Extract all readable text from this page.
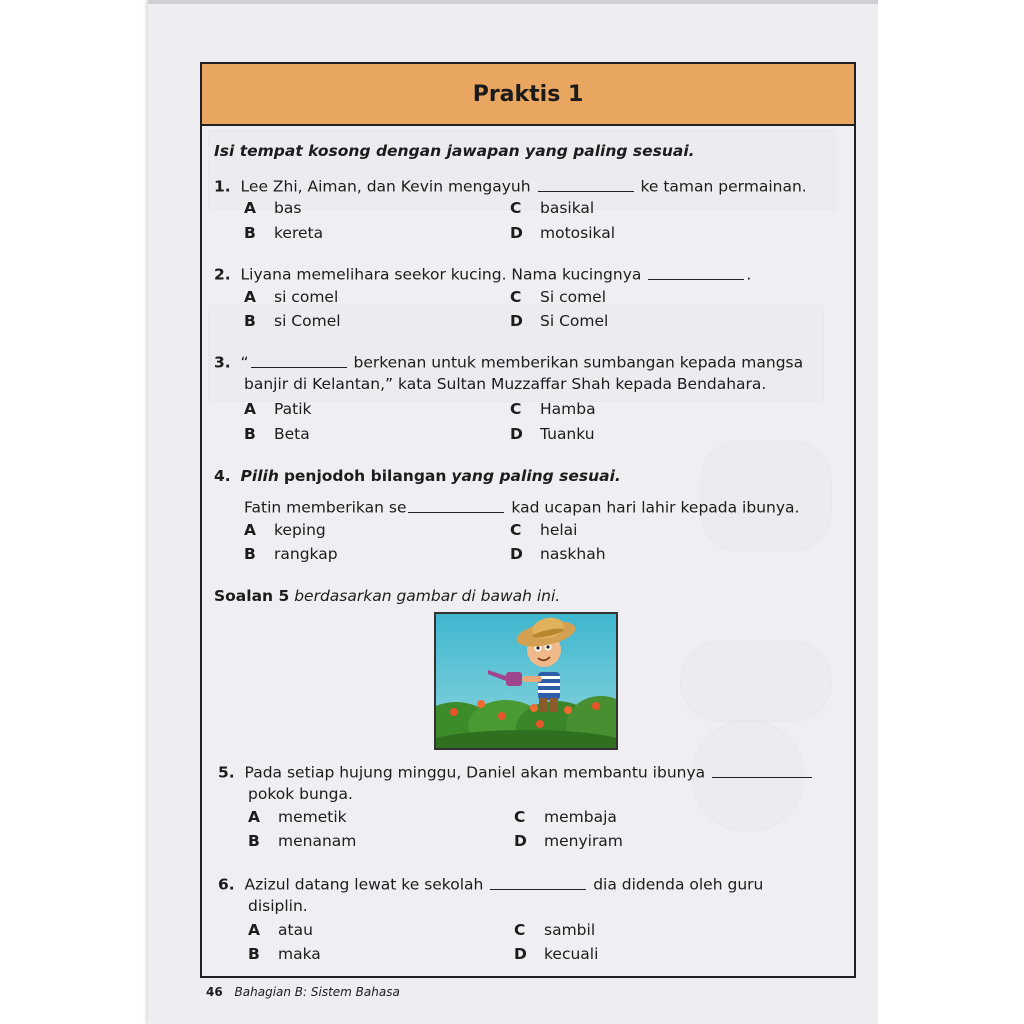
Praktis 1
Isi tempat kosong dengan jawapan yang paling sesuai.
1. Lee Zhi, Aiman, dan Kevin mengayuh	ke taman permainan.
A bas	C basikal
B kereta	D motosikal
2. Liyana memelihara seekor kucing. Nama kucingnya	.
A si comel	C Si comel
B si Comel	D Si Comel
3. “	berkenan untuk memberikan sumbangan kepada mangsa
banjir di Kelantan,” kata Sultan Muzzaffar Shah kepada Bendahara.
A Patik	C Hamba
B Beta	D Tuanku
4. Pilih penjodoh bilangan yang paling sesuai.
Fatin memberikan se	kad ucapan hari lahir kepada ibunya.
A keping	C helai
B rangkap	D naskhah
Soalan 5 berdasarkan gambar di bawah ini.
5. Pada setiap hujung minggu, Daniel akan membantu ibunya
pokok bunga.
A memetik	C membaja
B menanam	D menyiram
6. Azizul datang lewat ke sekolah	dia didenda oleh guru
disiplin.
A atau	C sambil
B maka	D kecuali
46 Bahagian B: Sistem Bahasa
